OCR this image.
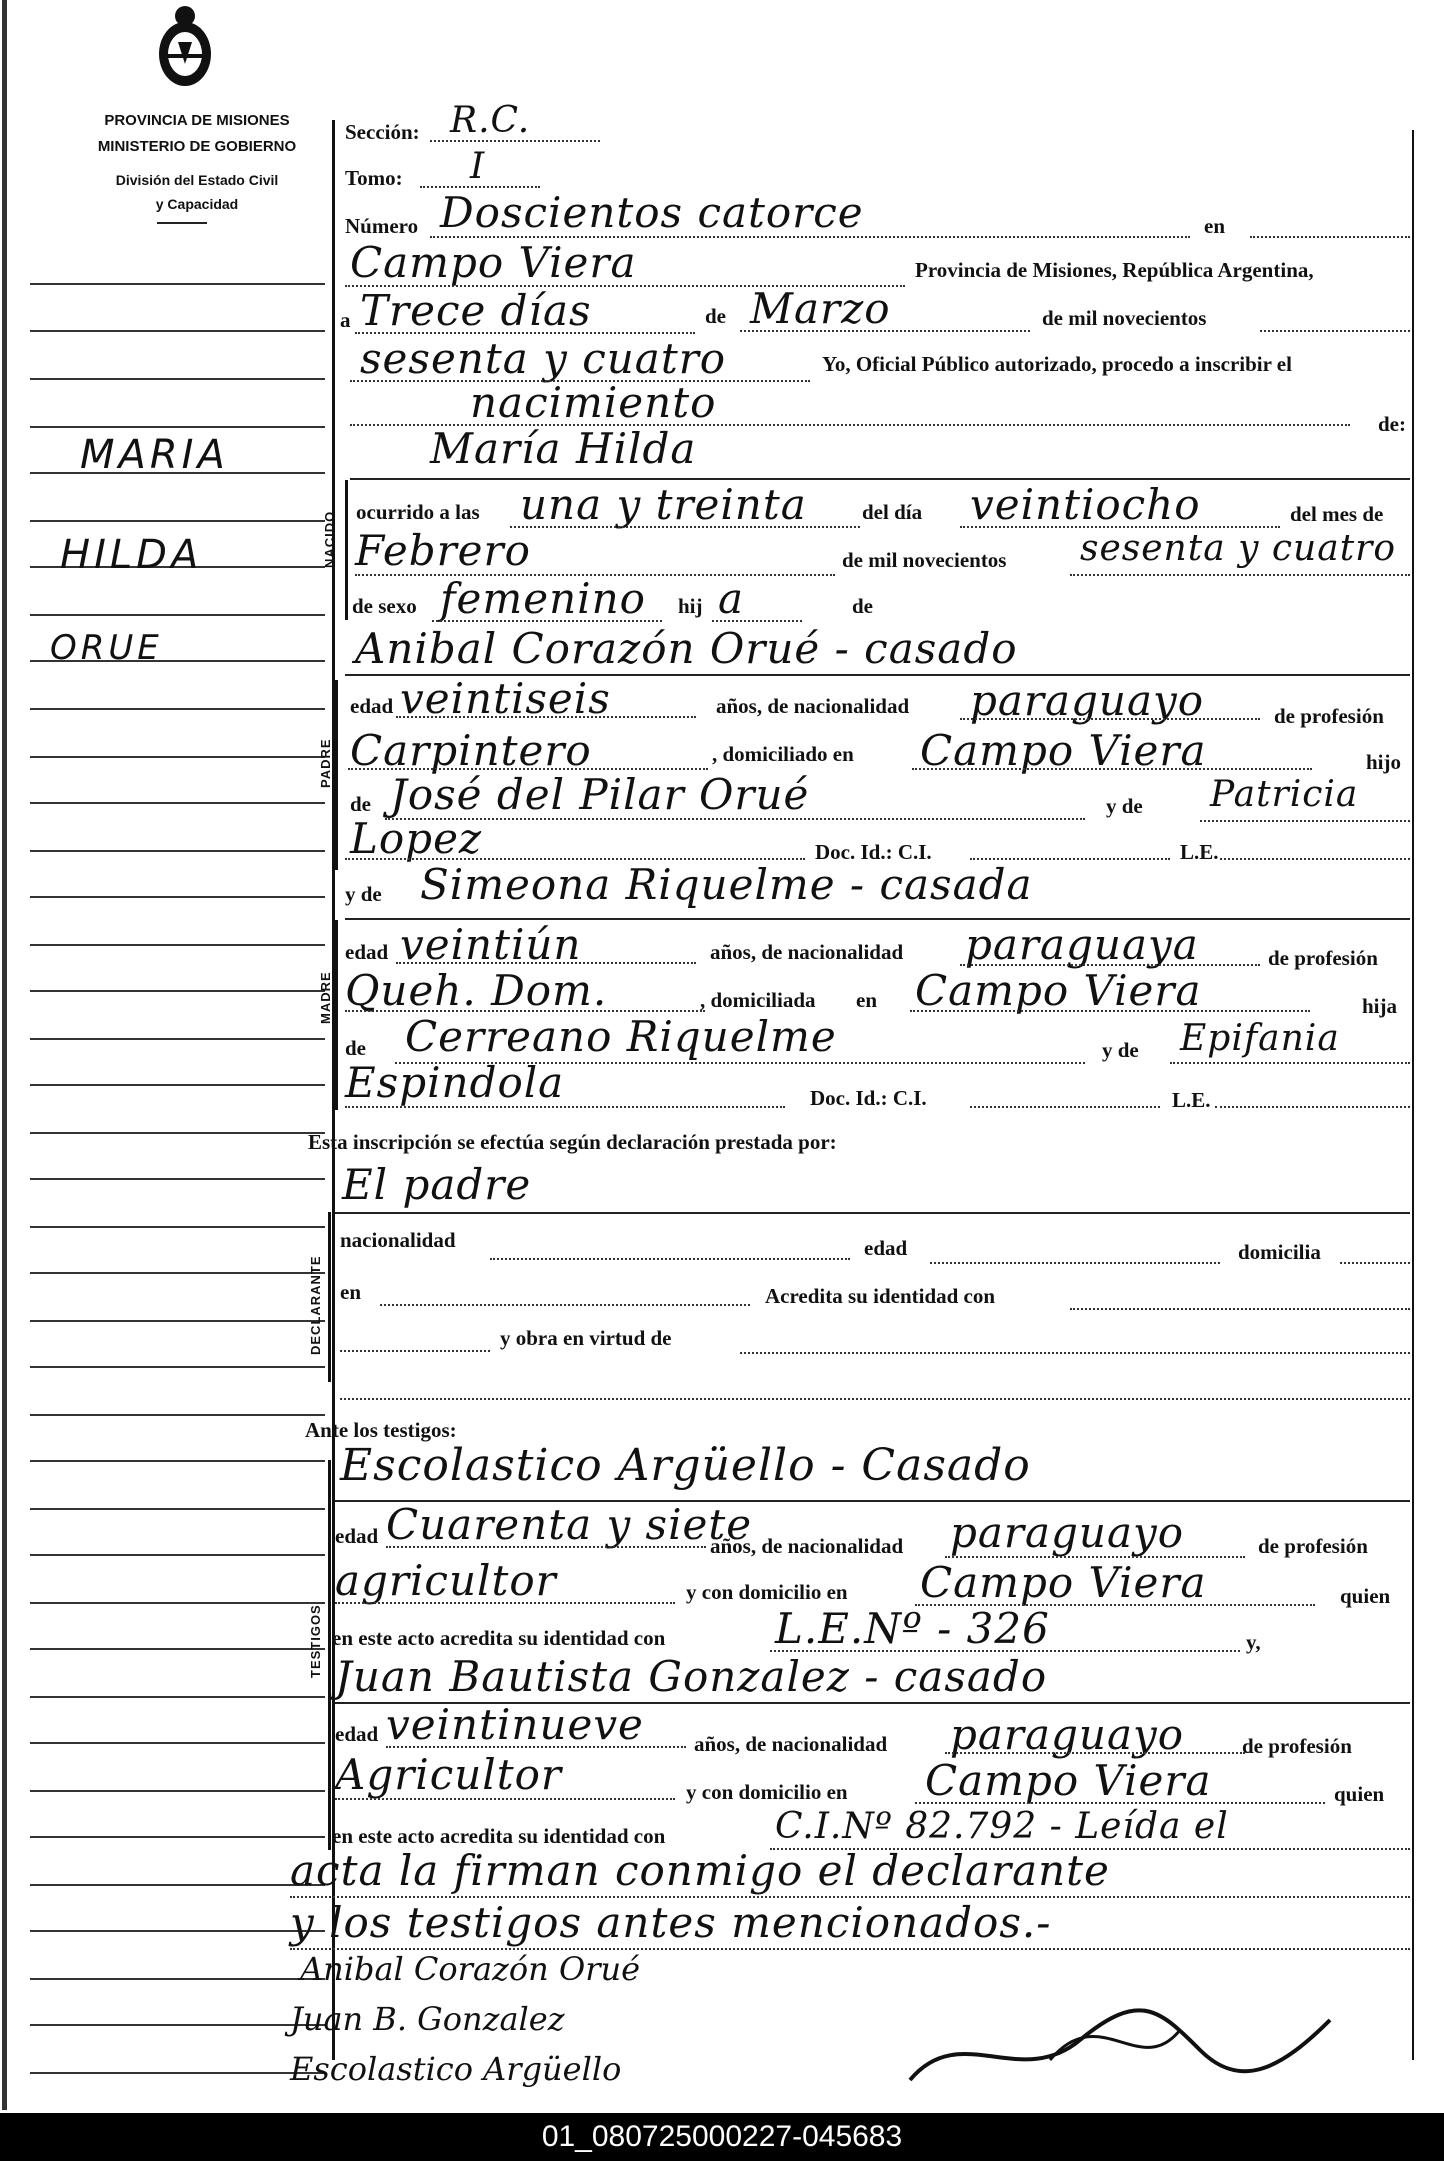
PROVINCIA DE MISIONES
MINISTERIO DE GOBIERNO
División del Estado Civil
y Capacidad
MARIA
HILDA
ORUE
Sección: R.C.
Tomo: I
Número Doscientos catorce	en
Campo Viera	Provincia de Misiones, República Argentina,
a Trece días	de Marzo	de mil novecientos
sesenta y cuatro	Yo, Oficial Público autorizado, procedo a inscribir el
nacimiento	de:
María Hilda
NACIDO ocurrido a las una y treinta	del día veintiocho	del mes de
Febrero	de mil novecientos sesenta y cuatro
de sexo femenino hij a	de
Anibal Corazón Orué - casado
PADRE
edad veintiseis	años, de nacionalidad paraguayo	de profesión
Carpintero	, domiciliado en Campo Viera	hijo
de José del Pilar Orué	y de Patricia
Lopez	Doc. Id.: C.I.	L.E.
y de Simeona Riquelme - casada
MADRE
edad veintiún	años, de nacionalidad paraguaya	de profesión
Queh. Dom.	, domiciliada en Campo Viera	hija
de Cerreano Riquelme	y de Epifania
Espindola	Doc. Id.: C.I.	L.E.
Esta inscripción se efectúa según declaración prestada por:
El padre
DECLARANTE
nacionalidad	edad	domicilia
en	Acredita su identidad con
y obra en virtud de
Ante los testigos:
Escolastico Argüello - Casado
TESTIGOS
edad Cuarenta y siete
años, de nacionalidad paraguayo	de profesión
agricultor	y con domicilio en Campo Viera	quien
en este acto acredita su identidad con	L.E.Nº - 326	y,
Juan Bautista Gonzalez - casado
edad veintinueve años, de nacionalidad paraguayo	de profesión
Agricultor	y con domicilio en Campo Viera	quien
en este acto acredita su identidad con	C.I.Nº 82.792 - Leída el
acta la firman conmigo el declarante
y los testigos antes mencionados.-
Anibal Corazón Orué
Juan B. Gonzalez
Escolastico Argüello
01_080725000227-045683
